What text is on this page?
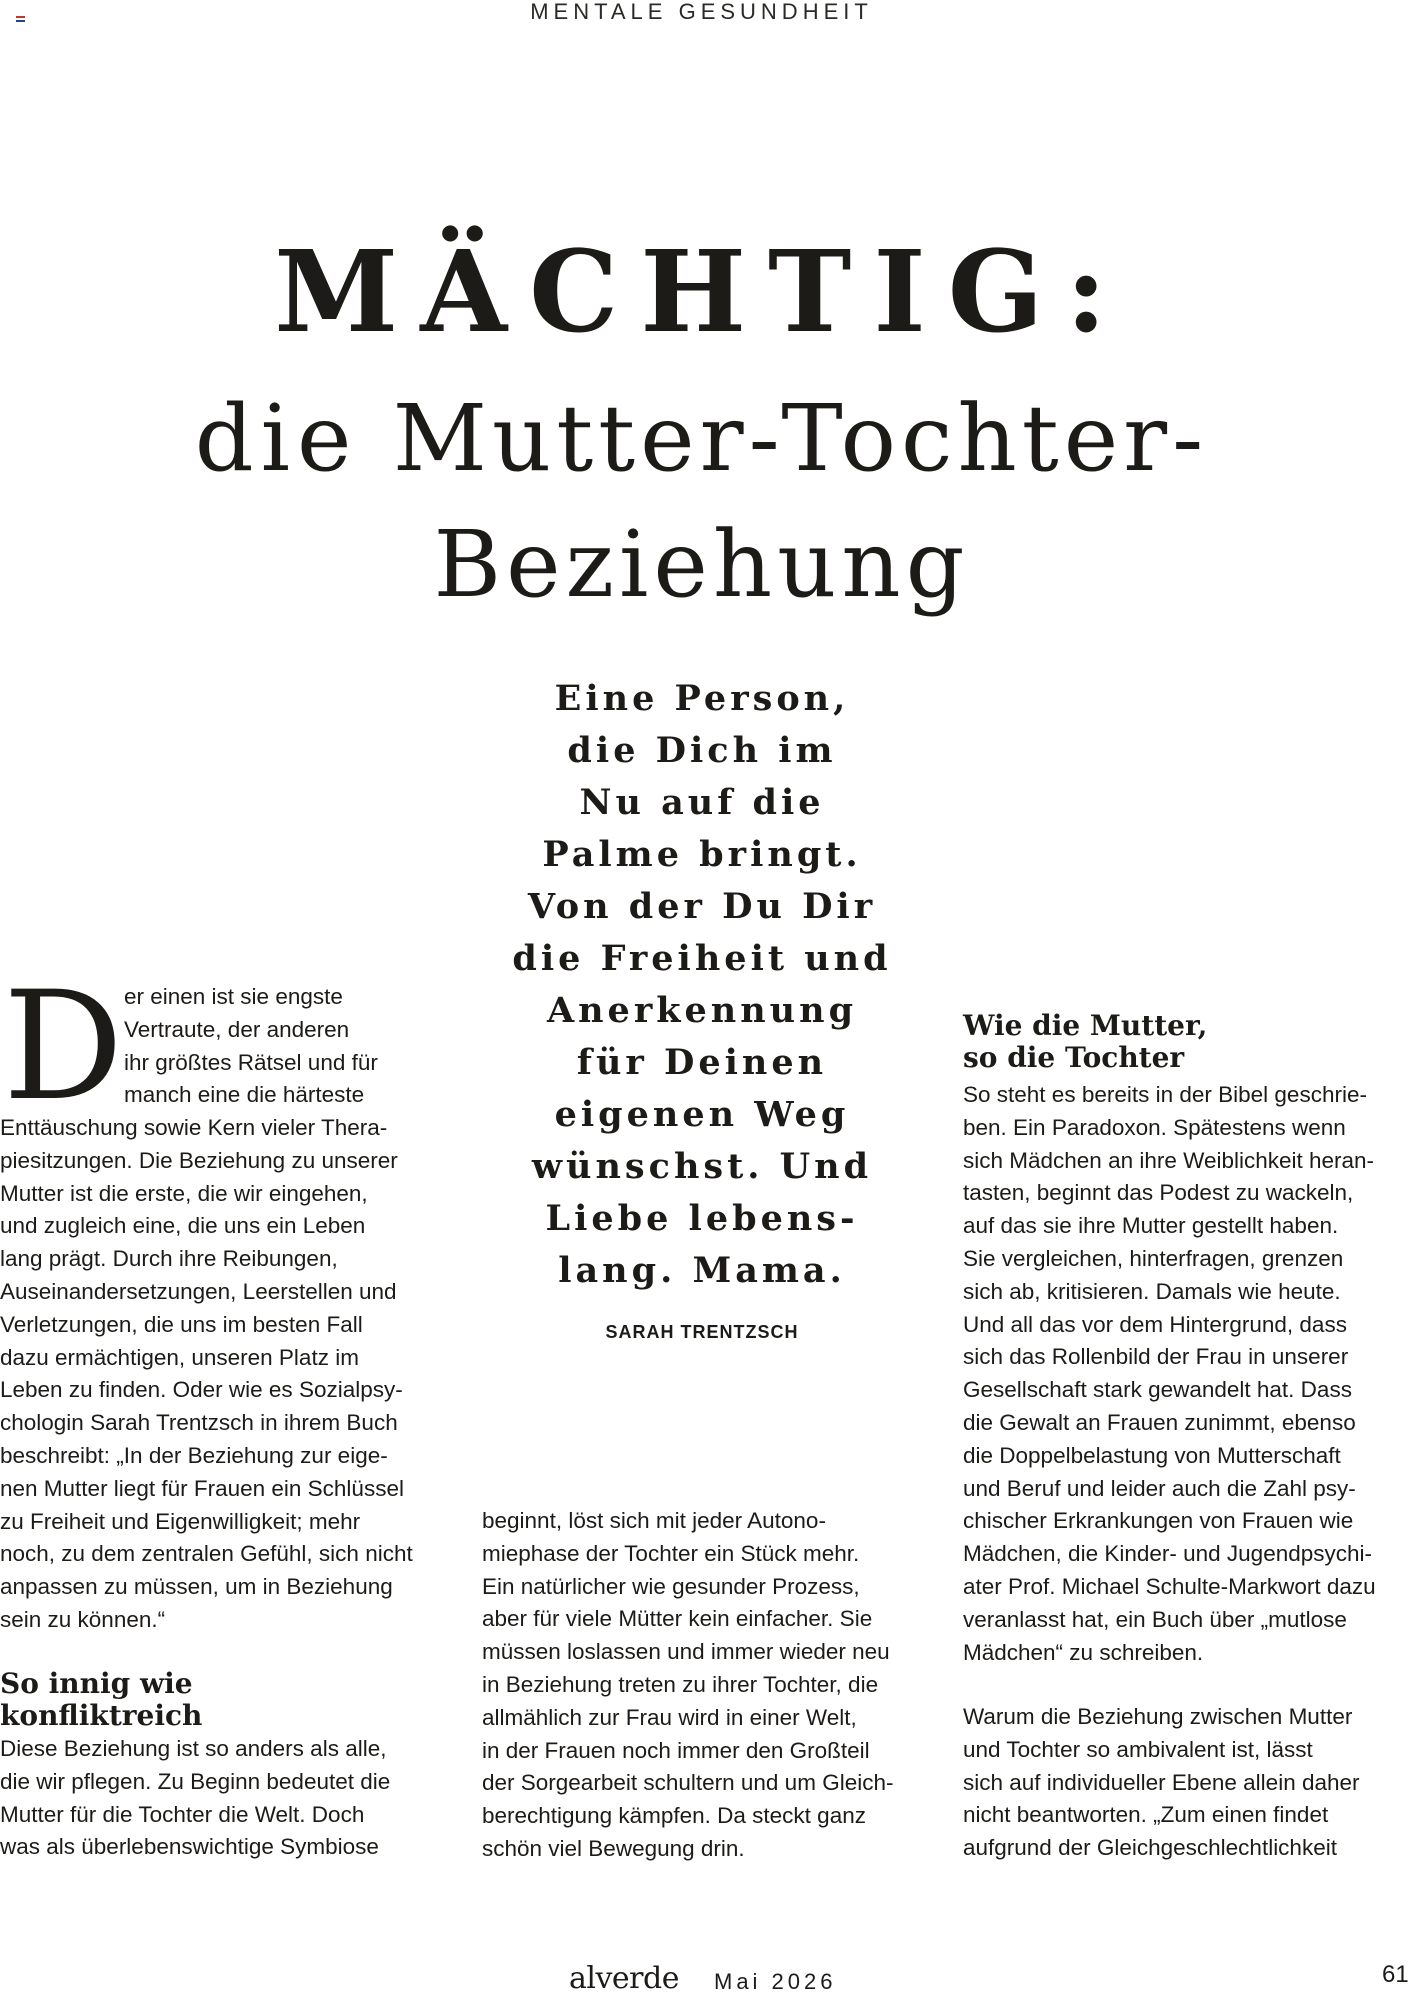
MENTALE GESUNDHEIT
MÄCHTIG:
die Mutter-Tochter-
Beziehung
Eine Person,
die Dich im
Nu auf die
Palme bringt.
Von der Du Dir
die Freiheit und
Anerkennung
für Deinen
eigenen Weg
wünschst. Und
Liebe lebens-
lang. Mama.
SARAH TRENTZSCH
D er einen ist sie engste

Vertraute, der anderen

ihr größtes Rätsel und für

manch eine die härteste

Enttäuschung sowie Kern vieler Thera-

piesitzungen. Die Beziehung zu unserer

Mutter ist die erste, die wir eingehen,

und zugleich eine, die uns ein Leben

lang prägt. Durch ihre Reibungen,

Auseinandersetzungen, Leerstellen und

Verletzungen, die uns im besten Fall

dazu ermächtigen, unseren Platz im

Leben zu finden. Oder wie es Sozialpsy-

chologin Sarah Trentzsch in ihrem Buch

beschreibt: „In der Beziehung zur eige-

nen Mutter liegt für Frauen ein Schlüssel

zu Freiheit und Eigenwilligkeit; mehr

noch, zu dem zentralen Gefühl, sich nicht

anpassen zu müssen, um in Beziehung

sein zu können.“

So innig wie
konfliktreich

Diese Beziehung ist so anders als alle,

die wir pflegen. Zu Beginn bedeutet die

Mutter für die Tochter die Welt. Doch

was als überlebenswichtige Symbiose

beginnt, löst sich mit jeder Autono-

miephase der Tochter ein Stück mehr.

Ein natürlicher wie gesunder Prozess,

aber für viele Mütter kein einfacher. Sie

müssen loslassen und immer wieder neu

in Beziehung treten zu ihrer Tochter, die

allmählich zur Frau wird in einer Welt,

in der Frauen noch immer den Großteil

der Sorgearbeit schultern und um Gleich-

berechtigung kämpfen. Da steckt ganz

schön viel Bewegung drin.

Wie die Mutter,
so die Tochter

So steht es bereits in der Bibel geschrie-

ben. Ein Paradoxon. Spätestens wenn

sich Mädchen an ihre Weiblichkeit heran-

tasten, beginnt das Podest zu wackeln,

auf das sie ihre Mutter gestellt haben.

Sie vergleichen, hinterfragen, grenzen

sich ab, kritisieren. Damals wie heute.

Und all das vor dem Hintergrund, dass

sich das Rollenbild der Frau in unserer

Gesellschaft stark gewandelt hat. Dass

die Gewalt an Frauen zunimmt, ebenso

die Doppelbelastung von Mutterschaft

und Beruf und leider auch die Zahl psy-

chischer Erkrankungen von Frauen wie

Mädchen, die Kinder- und Jugendpsychi-

ater Prof. Michael Schulte-Markwort dazu

veranlasst hat, ein Buch über „mutlose

Mädchen“ zu schreiben.

Warum die Beziehung zwischen Mutter

und Tochter so ambivalent ist, lässt

sich auf individueller Ebene allein daher

nicht beantworten. „Zum einen findet

aufgrund der Gleichgeschlechtlichkeit

alverde Mai 2026	61
